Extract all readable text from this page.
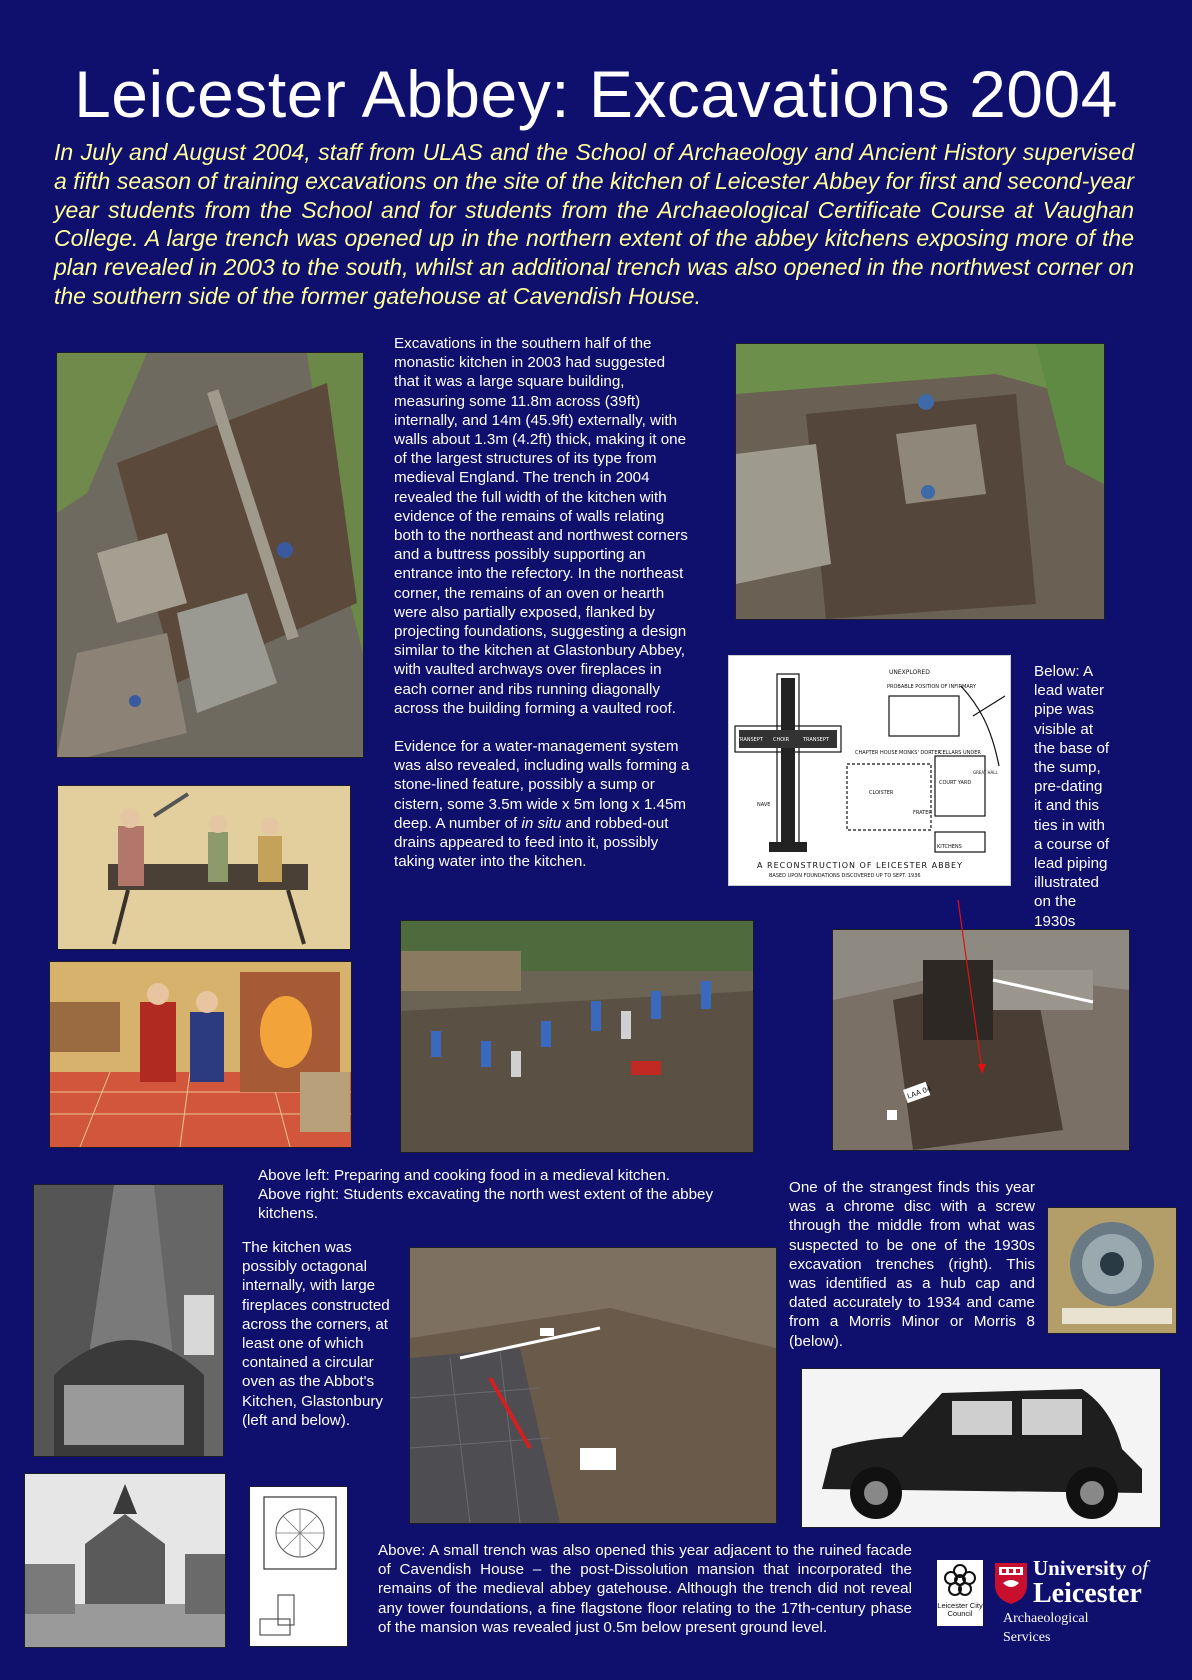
Leicester Abbey: Excavations 2004

In July and August 2004, staff from ULAS and the School of Archaeology and Ancient History supervised a fifth season of training excavations on the site of the kitchen of Leicester Abbey for first and second-year year students from the School and for students from the Archaeological Certificate Course at Vaughan College. A large trench was opened up in the northern extent of the abbey kitchens exposing more of the plan revealed in 2003 to the south, whilst an additional trench was also opened in the northwest corner on the southern side of the former gatehouse at Cavendish House.

Excavations in the southern half of the monastic kitchen in 2003 had suggested that it was a large square building, measuring some 11.8m across (39ft) internally, and 14m (45.9ft) externally, with walls about 1.3m (4.2ft) thick, making it one of the largest structures of its type from medieval England. The trench in 2004 revealed the full width of the kitchen with evidence of the remains of walls relating both to the northeast and northwest corners and a buttress possibly supporting an entrance into the refectory. In the northeast corner, the remains of an oven or hearth were also partially exposed, flanked by projecting foundations, suggesting a design similar to the kitchen at Glastonbury Abbey, with vaulted archways over fireplaces in each corner and ribs running diagonally across the building forming a vaulted roof.

Evidence for a water-management system was also revealed, including walls forming a stone-lined feature, possibly a sump or cistern, some 3.5m wide x 5m long x 1.45m deep. A number of in situ and robbed-out drains appeared to feed into it, possibly taking water into the kitchen.

UNEXPLORED
PROBABLE POSITION OF INFIRMARY
TRANSEPT CHOIR	TRANSEPT
CHAPTER HOUSE MONKS' DORTER
CELLARS UNDER
CLOISTER
COURT YARD
GREAT HALL
NAVE
FRATER
KITCHENS
A RECONSTRUCTION OF LEICESTER ABBEY
BASED UPON FOUNDATIONS DISCOVERED UP TO SEPT. 1936

Below: A lead water pipe was visible at the base of the sump, pre-dating it and this ties in with a course of lead piping illustrated on the 1930s

LAA 04

Above left: Preparing and cooking food in a medieval kitchen.

Above right: Students excavating the north west extent of the abbey kitchens.

The kitchen was possibly octagonal internally, with large fireplaces constructed across the corners, at least one of which contained a circular oven as the Abbot's Kitchen, Glastonbury (left and below).

One of the strangest finds this year was a chrome disc with a screw through the middle from what was suspected to be one of the 1930s excavation trenches (right). This was identified as a hub cap and dated accurately to 1934 and came from a Morris Minor or Morris 8 (below).

Above: A small trench was also opened this year adjacent to the ruined facade of Cavendish House – the post-Dissolution mansion that incorporated the remains of the medieval abbey gatehouse. Although the trench did not reveal any tower foundations, a fine flagstone floor relating to the 17th-century phase of the mansion was revealed just 0.5m below present ground level.

Leicester City Council
University of
Leicester
Archaeological
Services
